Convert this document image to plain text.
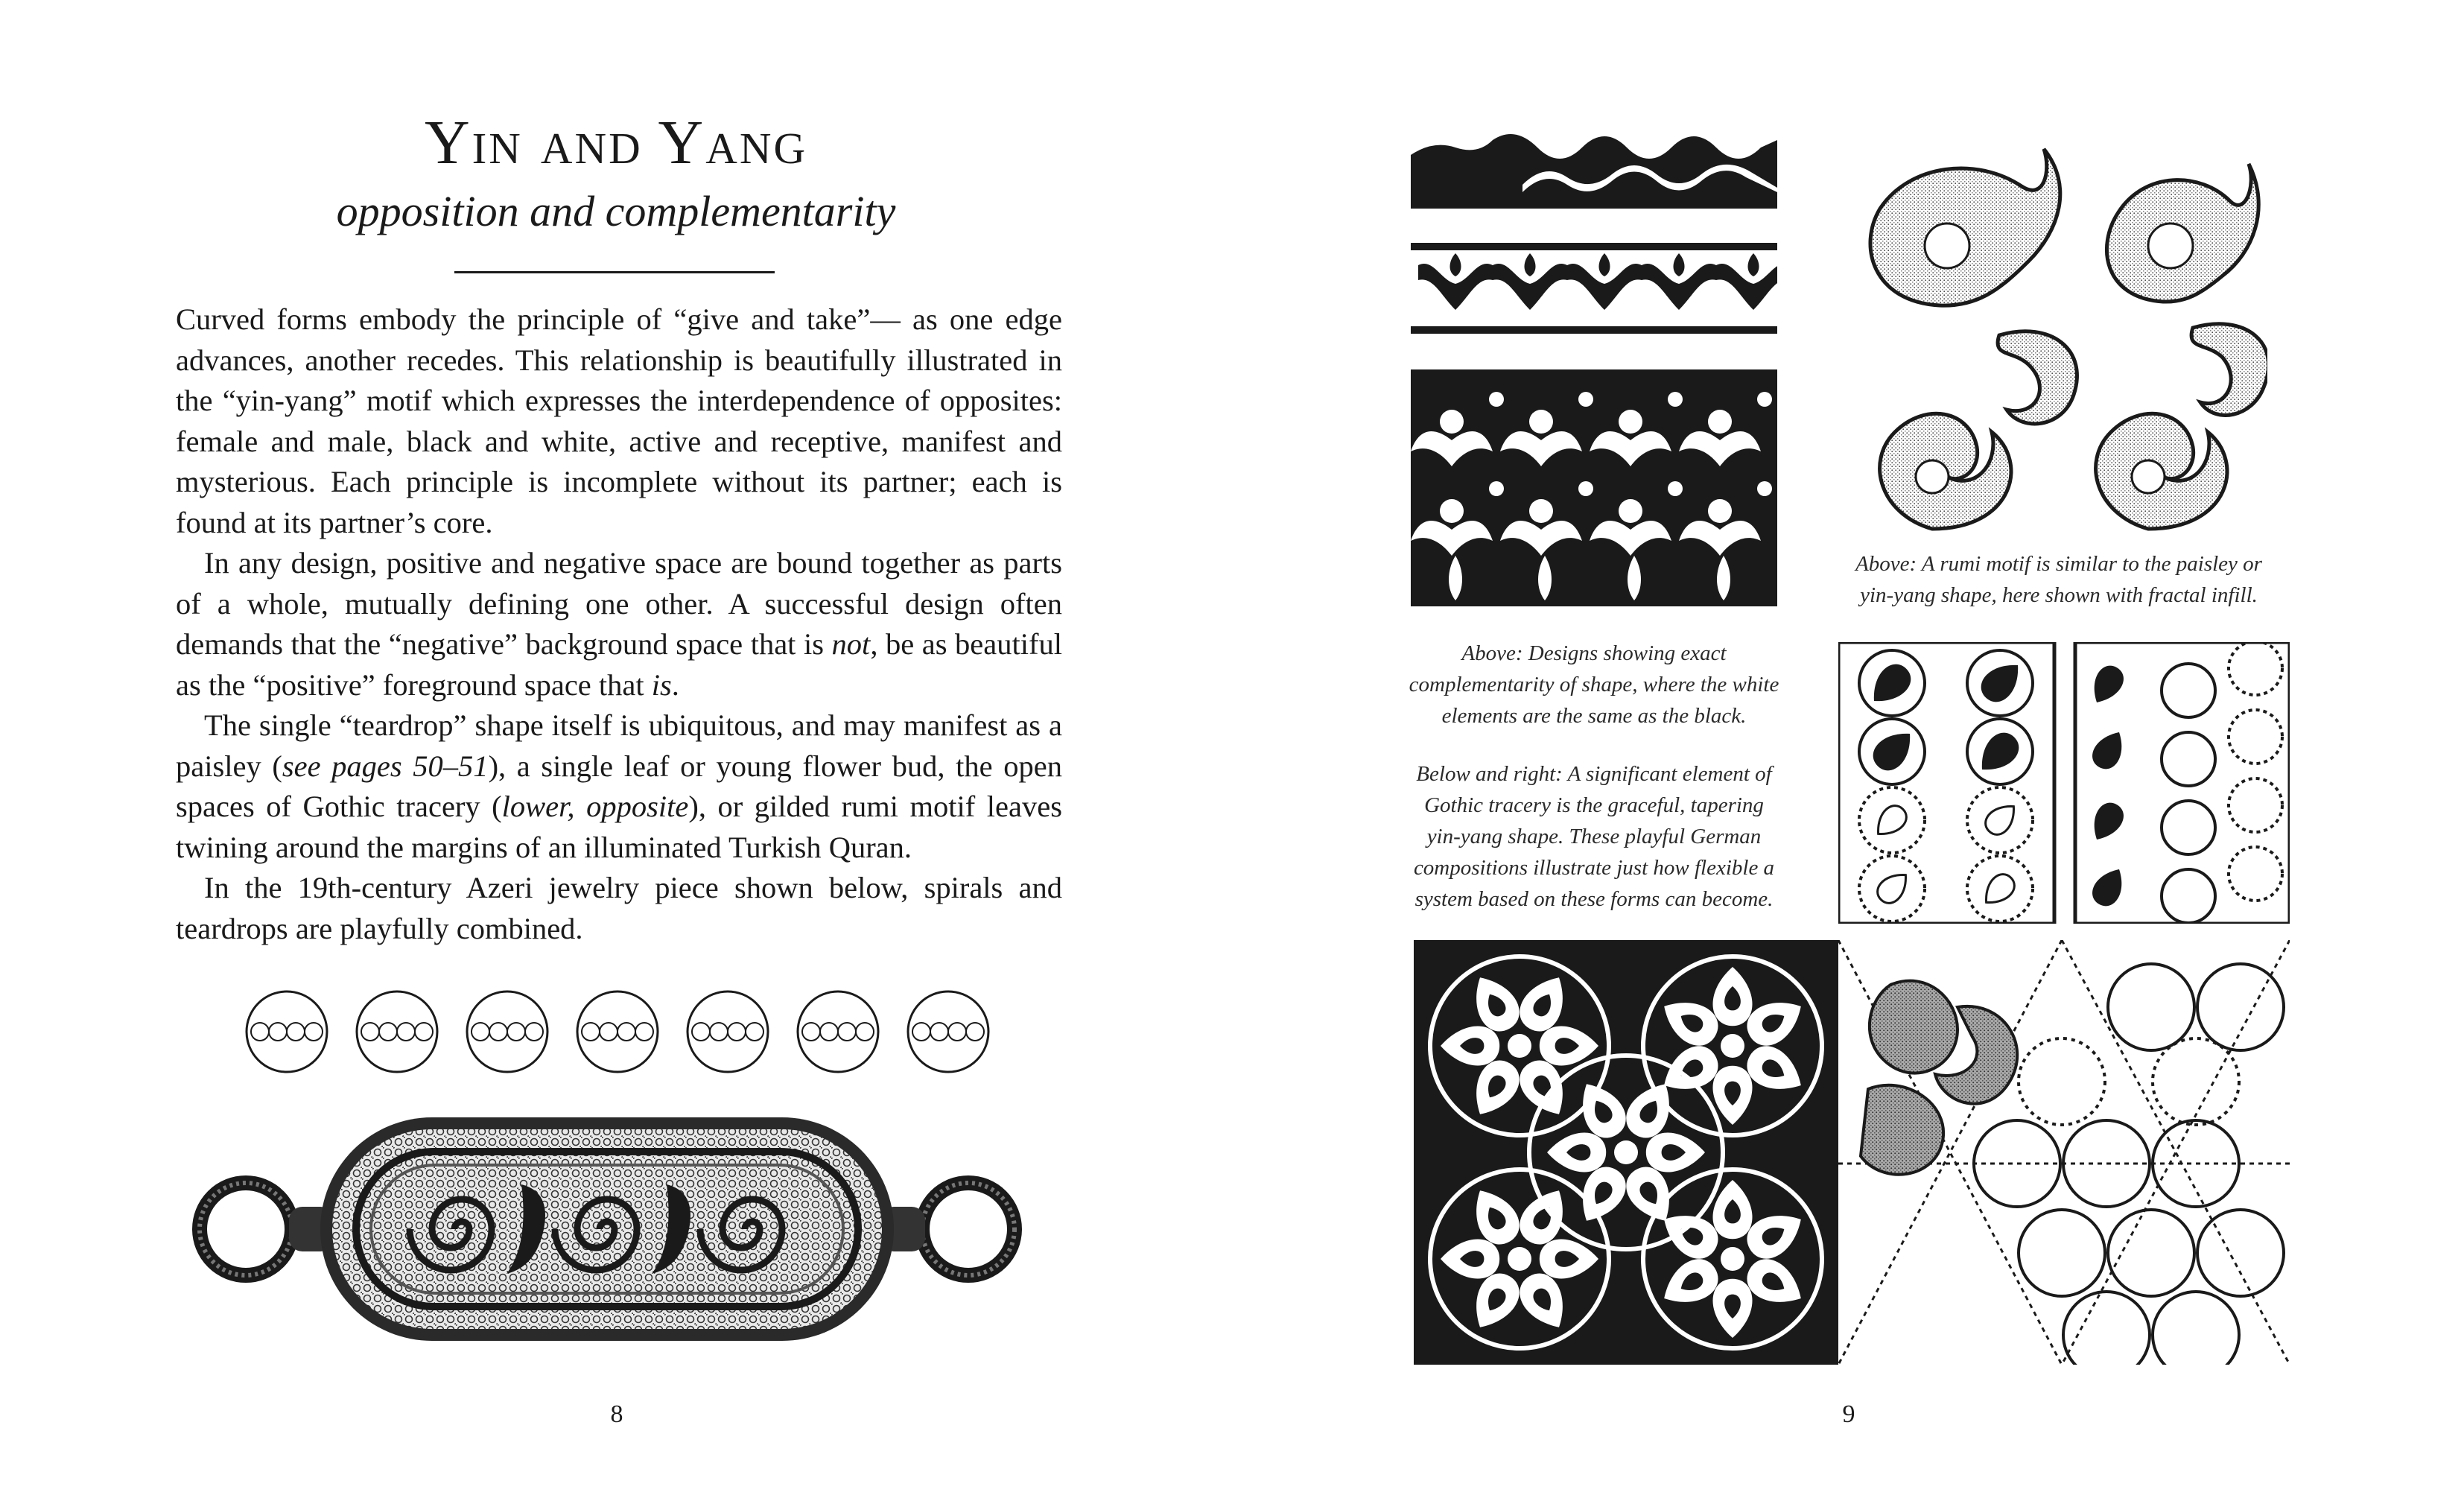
Yin and Yang
opposition and complementarity

Curved forms embody the principle of “give and take”— as one edge advances, another recedes. This relationship is beautifully illustrated in the “yin-yang” motif which expresses the interdependence of opposites: female and male, black and white, active and receptive, manifest and mysterious. Each principle is incomplete without its partner; each is found at its partner’s core.

In any design, positive and negative space are bound together as parts of a whole, mutually defining one other. A successful design often demands that the “negative” background space that is not, be as beautiful as the “positive” foreground space that is.

The single “teardrop” shape itself is ubiquitous, and may manifest as a paisley (see pages 50–51), a single leaf or young flower bud, the open spaces of Gothic tracery (lower, opposite), or gilded rumi motif leaves twining around the margins of an illuminated Turkish Quran.

In the 19th-century Azeri jewelry piece shown below, spirals and teardrops are playfully combined.

8

Above: A rumi motif is similar to the paisley or yin-yang shape, here shown with fractal infill.

Above: Designs showing exact complementarity of shape, where the white elements are the same as the black.

Below and right: A significant element of Gothic tracery is the graceful, tapering yin-yang shape. These playful German compositions illustrate just how flexible a system based on these forms can become.

9
